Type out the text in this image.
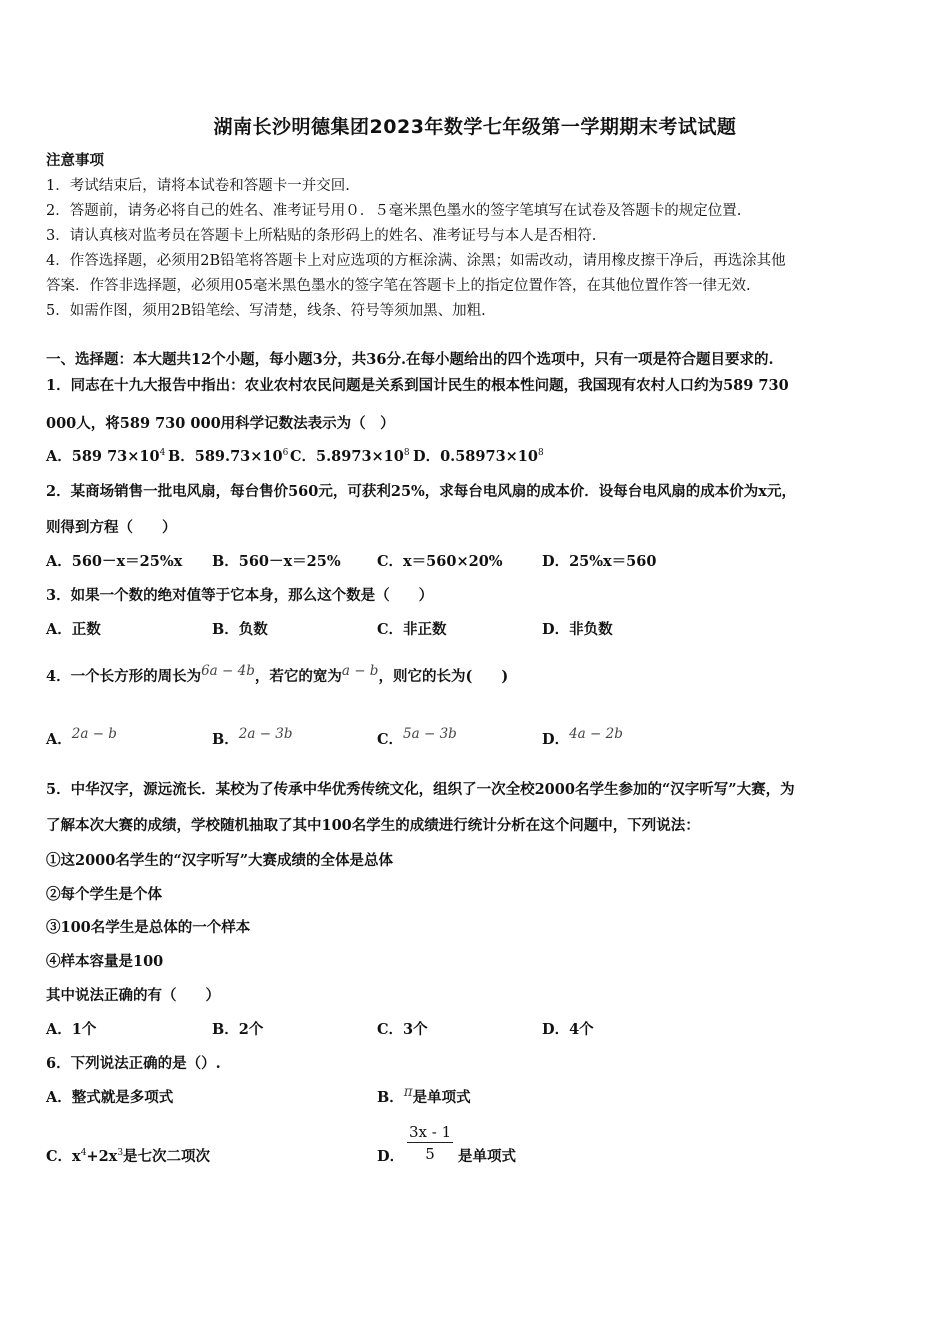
湖南长沙明德集团2023年数学七年级第一学期期末考试试题
注意事项
1．考试结束后，请将本试卷和答题卡一并交回.
2．答题前，请务必将自己的姓名、准考证号用０．５毫米黑色墨水的签字笔填写在试卷及答题卡的规定位置.
3．请认真核对监考员在答题卡上所粘贴的条形码上的姓名、准考证号与本人是否相符.
4．作答选择题，必须用2B铅笔将答题卡上对应选项的方框涂满、涂黑；如需改动，请用橡皮擦干净后，再选涂其他
答案．作答非选择题，必须用05毫米黑色墨水的签字笔在答题卡上的指定位置作答，在其他位置作答一律无效.
5．如需作图，须用2B铅笔绘、写清楚，线条、符号等须加黑、加粗.
一、选择题：本大题共12个小题，每小题3分，共36分.在每小题给出的四个选项中，只有一项是符合题目要求的.
1．同志在十九大报告中指出：农业农村农民问题是关系到国计民生的根本性问题，我国现有农村人口约为589 730
000人，将589 730 000用科学记数法表示为（　）
A．589 $73\times 10^4$ B．$589.73\times 10^6$ C．$5.8973\times 10^8$ D．$0.58973\times 10^8$
2．某商场销售一批电风扇，每台售价560元，可获利25%，求每台电风扇的成本价．设每台电风扇的成本价为x元，
则得到方程（　　）
A．560－x＝25%x B．560－x＝25%	C．x＝560×20%	D．25%x＝560
3．如果一个数的绝对值等于它本身，那么这个数是（　　）
A．正数	B．负数	C．非正数	D．非负数
4．一个长方形的周长为6a − 4b，若它的宽为a − b，则它的长为(　　)
A．2a − b	B．2a − 3b	C．5a − 3b	D．4a − 2b
5．中华汉字，源远流长．某校为了传承中华优秀传统文化，组织了一次全校2000名学生参加的“汉字听写”大赛，为
了解本次大赛的成绩，学校随机抽取了其中100名学生的成绩进行统计分析在这个问题中，下列说法：
①这2000名学生的“汉字听写”大赛成绩的全体是总体
②每个学生是个体
③100名学生是总体的一个样本
④样本容量是100
其中说法正确的有（　　）
A．1个	B．2个	C．3个	D．4个
6．下列说法正确的是（）.
A．整式就是多项式	B．π是单项式
C．$x^4+2x^3$是七次二项次	D． $\frac{3x - 1}{5}$ 是单项式
